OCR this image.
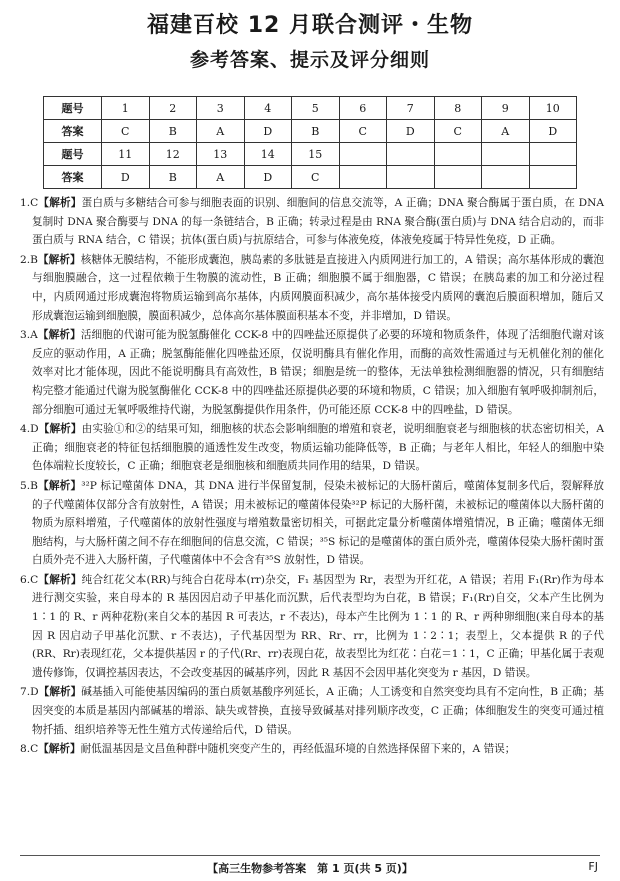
福建百校 12 月联合测评・生物
参考答案、提示及评分细则
题号	1	2	3	4	5	6	7	8	9	10
答案	C	B	A	D	B	C	D	C	A	D
题号	11	12	13	14	15					
答案	D	B	A	D	C					
1.C【解析】蛋白质与多糖结合可参与细胞表面的识别、细胞间的信息交流等，A 正确；DNA 聚合酶属于蛋白质，在 DNA 复制时 DNA 聚合酶要与 DNA 的每一条链结合，B 正确；转录过程是由 RNA 聚合酶(蛋白质)与 DNA 结合启动的，而非蛋白质与 RNA 结合，C 错误；抗体(蛋白质)与抗原结合，可参与体液免疫，体液免疫属于特异性免疫，D 正确。
2.B【解析】核糖体无膜结构，不能形成囊泡，胰岛素的多肽链是直接进入内质网进行加工的，A 错误；高尔基体形成的囊泡与细胞膜融合，这一过程依赖于生物膜的流动性，B 正确；细胞膜不属于细胞器，C 错误；在胰岛素的加工和分泌过程中，内质网通过形成囊泡将物质运输到高尔基体，内质网膜面积减少，高尔基体接受内质网的囊泡后膜面积增加，随后又形成囊泡运输到细胞膜，膜面积减少，总体高尔基体膜面积基本不变，并非增加，D 错误。
3.A【解析】活细胞的代谢可能为脱氢酶催化 CCK-8 中的四唑盐还原提供了必要的环境和物质条件，体现了活细胞代谢对该反应的驱动作用，A 正确；脱氢酶能催化四唑盐还原，仅说明酶具有催化作用，而酶的高效性需通过与无机催化剂的催化效率对比才能体现，因此不能说明酶具有高效性，B 错误；细胞是统一的整体，无法单独检测细胞器的情况，只有细胞结构完整才能通过代谢为脱氢酶催化 CCK-8 中的四唑盐还原提供必要的环境和物质，C 错误；加入细胞有氧呼吸抑制剂后，部分细胞可通过无氧呼吸维持代谢，为脱氢酶提供作用条件，仍可能还原 CCK-8 中的四唑盐，D 错误。
4.D【解析】由实验①和②的结果可知，细胞核的状态会影响细胞的增殖和衰老，说明细胞衰老与细胞核的状态密切相关，A 正确；细胞衰老的特征包括细胞膜的通透性发生改变，物质运输功能降低等，B 正确；与老年人相比，年轻人的细胞中染色体端粒长度较长，C 正确；细胞衰老是细胞核和细胞质共同作用的结果，D 错误。
5.B【解析】³²P 标记噬菌体 DNA，其 DNA 进行半保留复制，侵染未被标记的大肠杆菌后，噬菌体复制多代后，裂解释放的子代噬菌体仅部分含有放射性，A 错误；用未被标记的噬菌体侵染³²P 标记的大肠杆菌，未被标记的噬菌体以大肠杆菌的物质为原料增殖，子代噬菌体的放射性强度与增殖数量密切相关，可据此定量分析噬菌体增殖情况，B 正确；噬菌体无细胞结构，与大肠杆菌之间不存在细胞间的信息交流，C 错误；³⁵S 标记的是噬菌体的蛋白质外壳，噬菌体侵染大肠杆菌时蛋白质外壳不进入大肠杆菌，子代噬菌体中不会含有³⁵S 放射性，D 错误。
6.C【解析】纯合红花父本(RR)与纯合白花母本(rr)杂交，F₁ 基因型为 Rr，表型为开红花，A 错误；若用 F₁(Rr)作为母本进行测交实验，来自母本的 R 基因因启动子甲基化而沉默，后代表型均为白花，B 错误；F₁(Rr)自交，父本产生比例为 1∶1 的 R、r 两种花粉(来自父本的基因 R 可表达，r 不表达)，母本产生比例为 1∶1 的 R、r 两种卵细胞(来自母本的基因 R 因启动子甲基化沉默、r 不表达)，子代基因型为 RR、Rr、rr，比例为 1∶2∶1；表型上，父本提供 R 的子代(RR、Rr)表现红花，父本提供基因 r 的子代(Rr、rr)表现白花，故表型比为红花∶白花＝1∶1，C 正确；甲基化属于表观遗传修饰，仅调控基因表达，不会改变基因的碱基序列，因此 R 基因不会因甲基化突变为 r 基因，D 错误。
7.D【解析】碱基插入可能使基因编码的蛋白质氨基酸序列延长，A 正确；人工诱变和自然突变均具有不定向性，B 正确；基因突变的本质是基因内部碱基的增添、缺失或替换，直接导致碱基对排列顺序改变，C 正确；体细胞发生的突变可通过植物扦插、组织培养等无性生殖方式传递给后代，D 错误。
8.C【解析】耐低温基因是文昌鱼种群中随机突变产生的，再经低温环境的自然选择保留下来的，A 错误；
【高三生物参考答案　第 1 页(共 5 页)】	FJ
